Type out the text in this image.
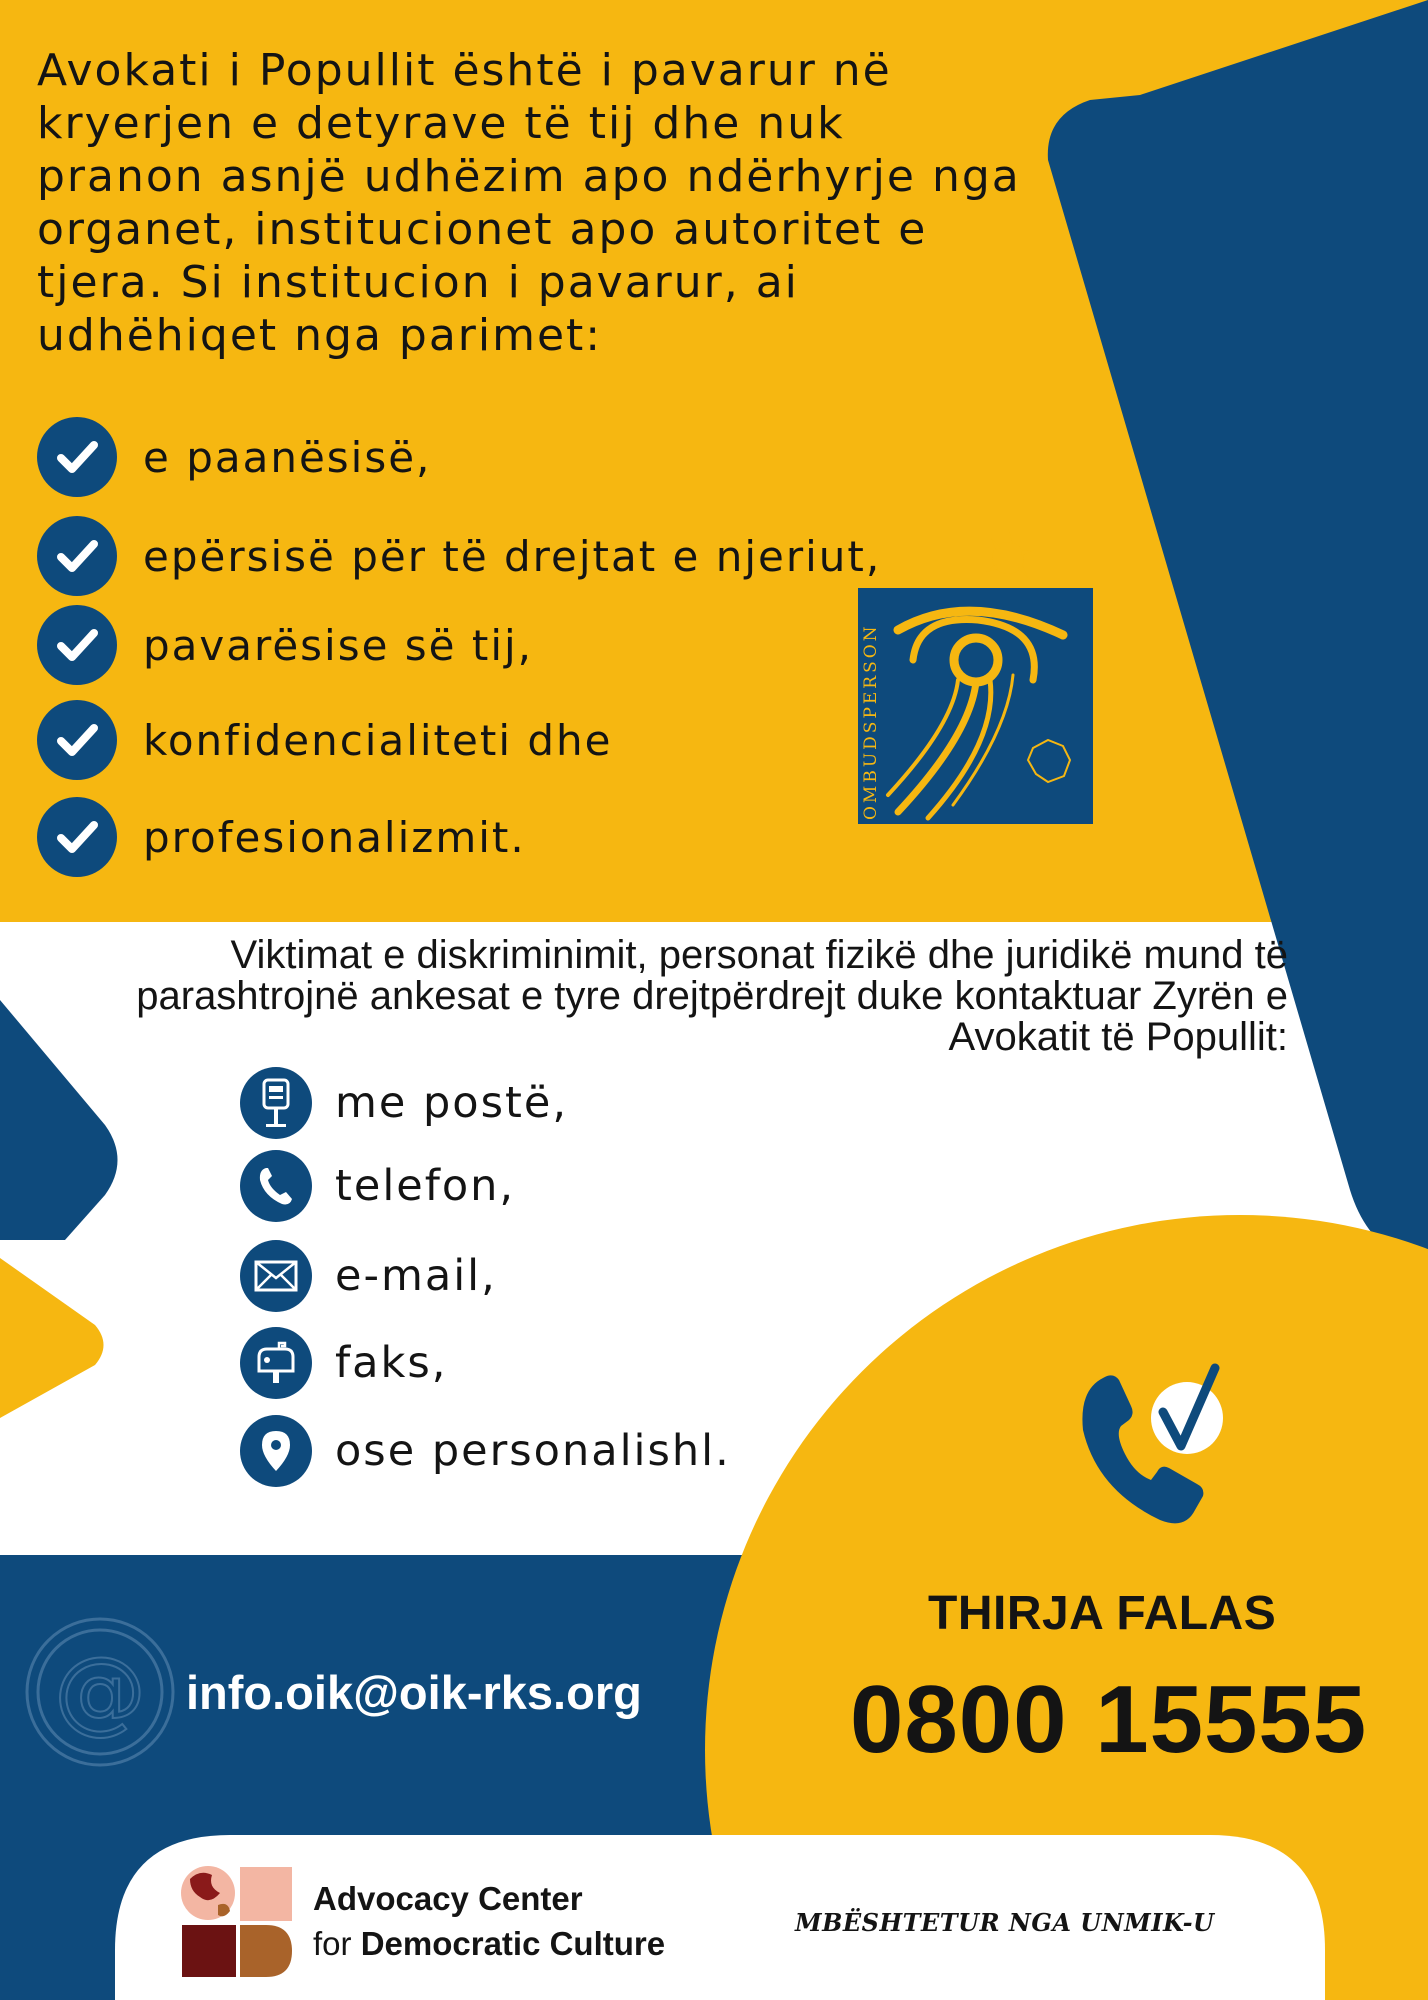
@
Avokati i Popullit është i pavarur në kryerjen e detyrave të tij dhe nuk pranon asnjë udhëzim apo ndërhyrje nga organet, institucionet apo autoritet e tjera. Si institucion i pavarur, ai udhëhiqet nga parimet:
e paanësisë,
epërsisë për të drejtat e njeriut,
pavarësise së tij,
konfidencialiteti dhe
profesionalizmit.
OMBUDSPERSON
Viktimat e diskriminimit, personat fizikë dhe juridikë mund të parashtrojnë ankesat e tyre drejtpërdrejt duke kontaktuar Zyrën e Avokatit të Popullit:
me postë,
telefon,
e-mail,
faks,
ose personalishl.
info.oik@oik-rks.org
THIRJA FALAS
0800 15555
Advocacy Center
for Democratic Culture
MBËSHTETUR NGA UNMIK-U
